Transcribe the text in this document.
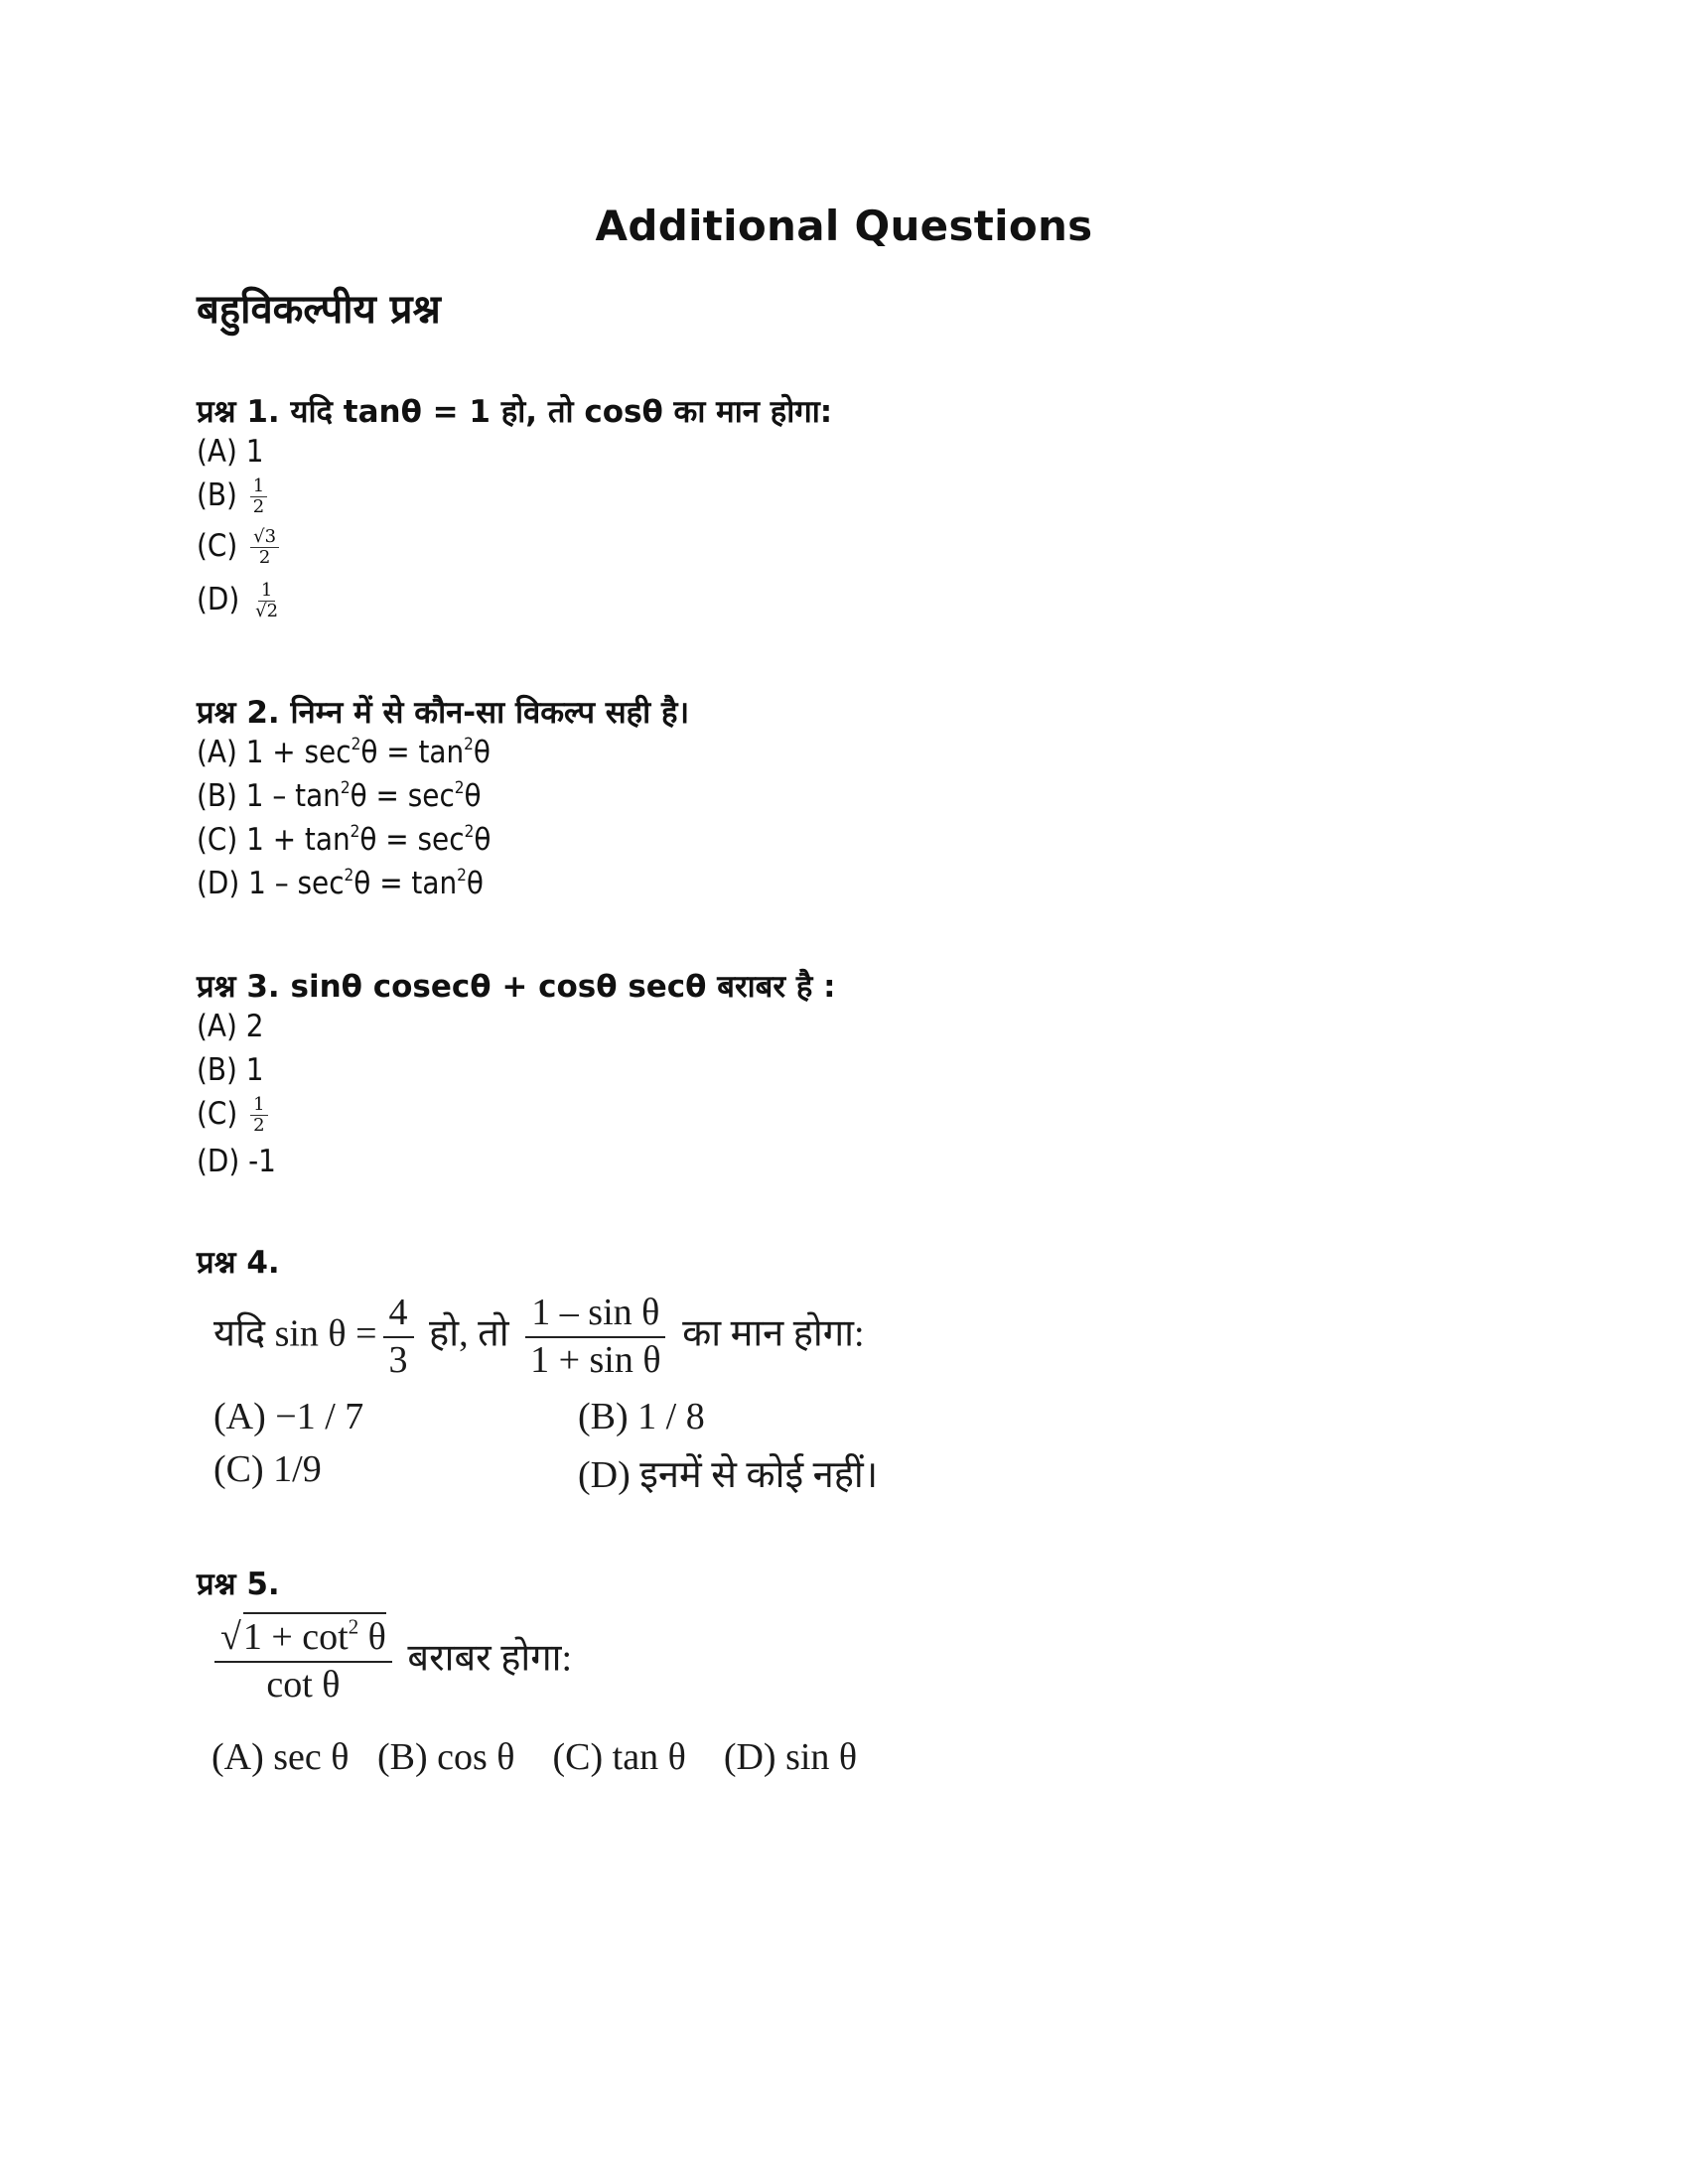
Additional Questions
बहुविकल्पीय प्रश्न
प्रश्न 1. यदि tanθ = 1 हो, तो cosθ का मान होगा:
(A) 1
$(B) \frac{1}{2}$
$(C) \frac{√3}{2}$
$(D) \frac{1}{√2}$
प्रश्न 2. निम्न में से कौन-सा विकल्प सही है।
(A) $1 + \sec^2\theta = \tan^2\theta$
(B) $1 - \tan^2\theta = \sec^2\theta$
(C) $1 + \tan^2\theta = \sec^2\theta$
(D) $1 - \sec^2\theta = \tan^2\theta$
प्रश्न 3. sinθ cosecθ + cosθ secθ बराबर है :
(A) 2
(B) 1
$(C) \frac{1}{2}$
(D) -1
प्रश्न 4.
यदि $\sin \theta = \frac{4}{3}$ हो, तो $\frac{\text{1 – sin θ}}{\text{1 + sin θ}}$ का मान होगा:
(A) −1 / 7	(B) 1 / 8
(C) 1/9	(D) इनमें से कोई नहीं।
प्रश्न 5.
$\frac{√1 + \cot^2 \theta}{\text{cot θ}}$ बराबर होगा:
(A) sec θ (B) cos θ (C) tan θ (D) sin θ
